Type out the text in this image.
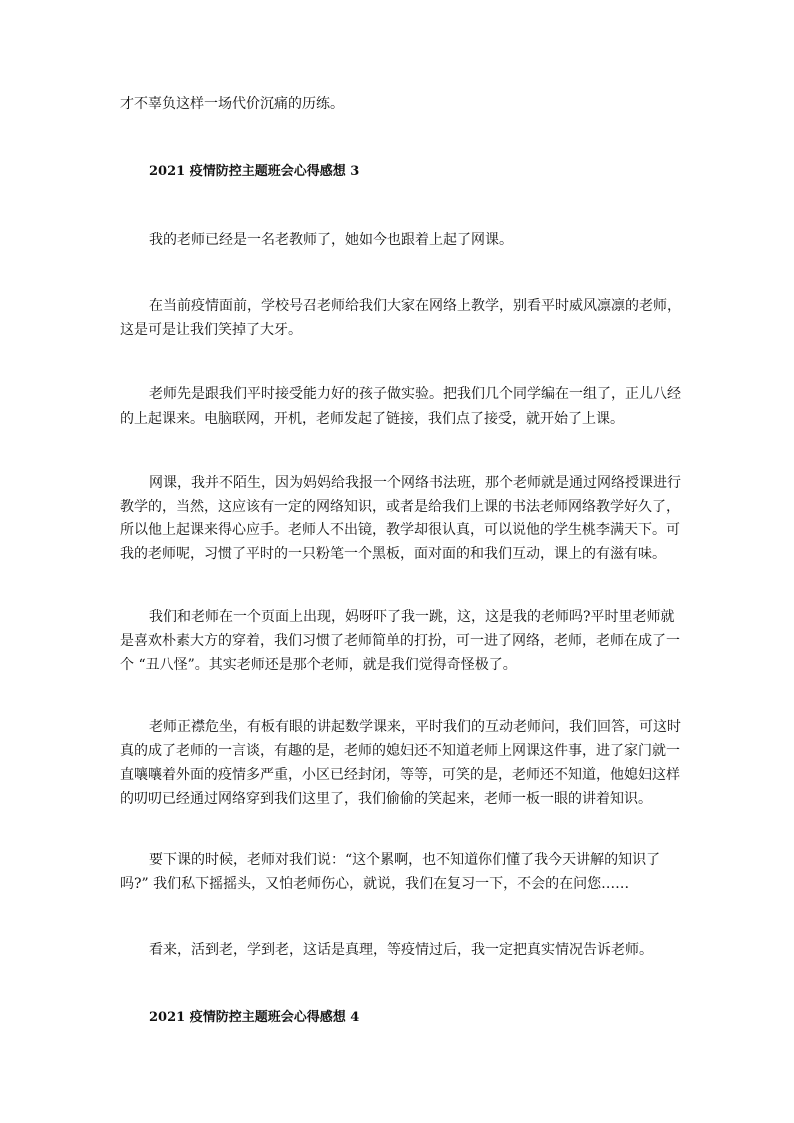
才不辜负这样一场代价沉痛的历练。
2021 疫情防控主题班会心得感想 3
我的老师已经是一名老教师了，她如今也跟着上起了网课。
在当前疫情面前，学校号召老师给我们大家在网络上教学，别看平时威风凛凛的老师，
这是可是让我们笑掉了大牙。
老师先是跟我们平时接受能力好的孩子做实验。把我们几个同学编在一组了，正儿八经
的上起课来。电脑联网，开机，老师发起了链接，我们点了接受，就开始了上课。
网课，我并不陌生，因为妈妈给我报一个网络书法班，那个老师就是通过网络授课进行
教学的，当然，这应该有一定的网络知识，或者是给我们上课的书法老师网络教学好久了，
所以他上起课来得心应手。老师人不出镜，教学却很认真，可以说他的学生桃李满天下。可
我的老师呢，习惯了平时的一只粉笔一个黑板，面对面的和我们互动，课上的有滋有味。
我们和老师在一个页面上出现，妈呀吓了我一跳，这，这是我的老师吗?平时里老师就
是喜欢朴素大方的穿着，我们习惯了老师简单的打扮，可一进了网络，老师，老师在成了一
个 “丑八怪”。其实老师还是那个老师，就是我们觉得奇怪极了。
老师正襟危坐，有板有眼的讲起数学课来，平时我们的互动老师问，我们回答，可这时
真的成了老师的一言谈，有趣的是，老师的媳妇还不知道老师上网课这件事，进了家门就一
直嚷嚷着外面的疫情多严重，小区已经封闭，等等，可笑的是，老师还不知道，他媳妇这样
的叨叨已经通过网络穿到我们这里了，我们偷偷的笑起来，老师一板一眼的讲着知识。
要下课的时候，老师对我们说：“这个累啊，也不知道你们懂了我今天讲解的知识了
吗?” 我们私下摇摇头，又怕老师伤心，就说，我们在复习一下，不会的在问您……
看来，活到老，学到老，这话是真理，等疫情过后，我一定把真实情况告诉老师。
2021 疫情防控主题班会心得感想 4
